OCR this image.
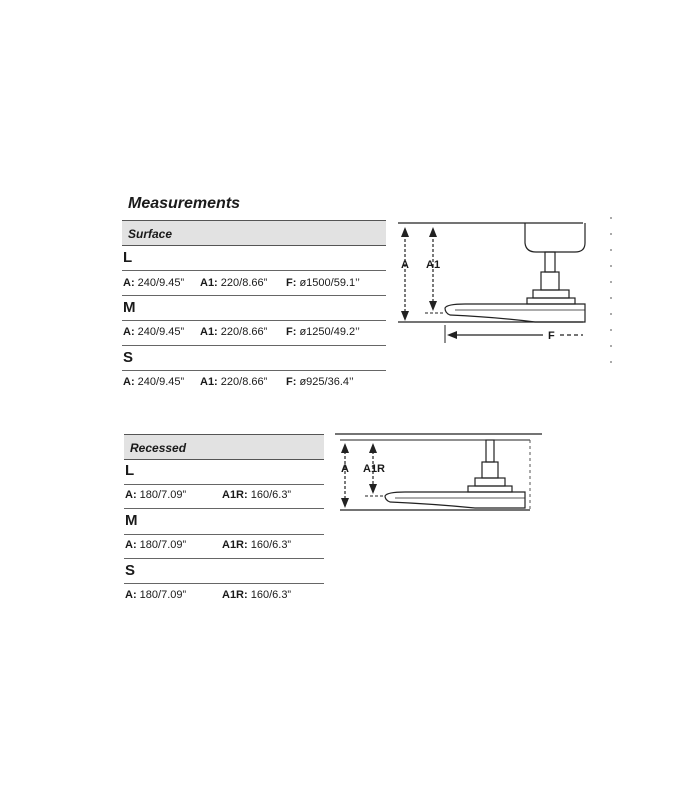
Measurements
Surface
L
A: 240/9.45” A1: 220/8.66” F: ø1500/59.1’’
M
A: 240/9.45” A1: 220/8.66” F: ø1250/49.2’’
S
A: 240/9.45” A1: 220/8.66” F: ø925/36.4’’
A A1
F
Recessed
L
A: 180/7.09”	A1R: 160/6.3”
M
A: 180/7.09”	A1R: 160/6.3”
S
A: 180/7.09”	A1R: 160/6.3”
A A1R
